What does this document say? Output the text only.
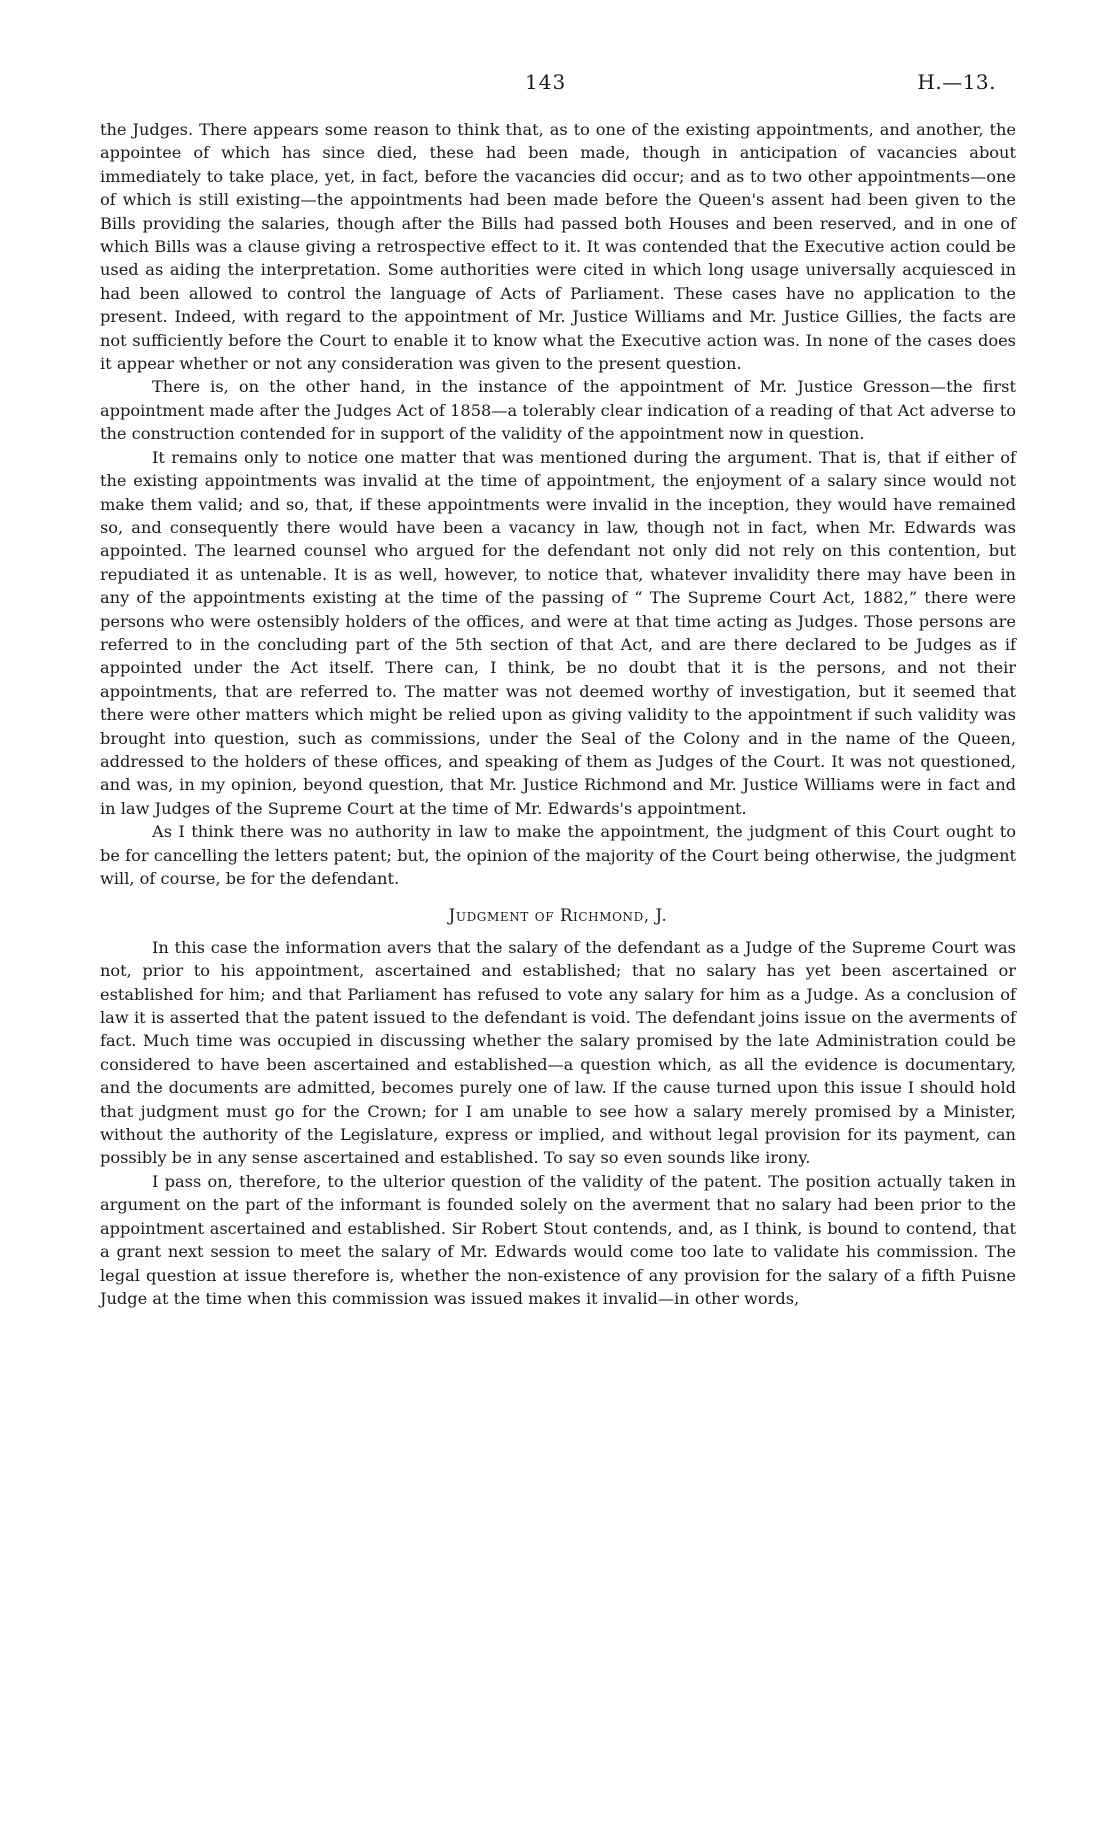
143	H.—13.

the Judges. There appears some reason to think that, as to one of the existing appointments, and another, the appointee of which has since died, these had been made, though in anticipation of vacancies about immediately to take place, yet, in fact, before the vacancies did occur; and as to two other appointments—one of which is still existing—the appointments had been made before the Queen's assent had been given to the Bills providing the salaries, though after the Bills had passed both Houses and been reserved, and in one of which Bills was a clause giving a retrospective effect to it. It was contended that the Executive action could be used as aiding the interpretation. Some authorities were cited in which long usage universally acquiesced in had been allowed to control the language of Acts of Parliament. These cases have no application to the present. Indeed, with regard to the appointment of Mr. Justice Williams and Mr. Justice Gillies, the facts are not sufficiently before the Court to enable it to know what the Executive action was. In none of the cases does it appear whether or not any consideration was given to the present question.

There is, on the other hand, in the instance of the appointment of Mr. Justice Gresson—the first appointment made after the Judges Act of 1858—a tolerably clear indication of a reading of that Act adverse to the construction contended for in support of the validity of the appointment now in question.

It remains only to notice one matter that was mentioned during the argument. That is, that if either of the existing appointments was invalid at the time of appointment, the enjoyment of a salary since would not make them valid; and so, that, if these appointments were invalid in the inception, they would have remained so, and consequently there would have been a vacancy in law, though not in fact, when Mr. Edwards was appointed. The learned counsel who argued for the defendant not only did not rely on this contention, but repudiated it as untenable. It is as well, however, to notice that, whatever invalidity there may have been in any of the appointments existing at the time of the passing of “ The Supreme Court Act, 1882,” there were persons who were ostensibly holders of the offices, and were at that time acting as Judges. Those persons are referred to in the concluding part of the 5th section of that Act, and are there declared to be Judges as if appointed under the Act itself. There can, I think, be no doubt that it is the persons, and not their appointments, that are referred to. The matter was not deemed worthy of investigation, but it seemed that there were other matters which might be relied upon as giving validity to the appointment if such validity was brought into question, such as commissions, under the Seal of the Colony and in the name of the Queen, addressed to the holders of these offices, and speaking of them as Judges of the Court. It was not questioned, and was, in my opinion, beyond question, that Mr. Justice Richmond and Mr. Justice Williams were in fact and in law Judges of the Supreme Court at the time of Mr. Edwards's appointment.

As I think there was no authority in law to make the appointment, the judgment of this Court ought to be for cancelling the letters patent; but, the opinion of the majority of the Court being otherwise, the judgment will, of course, be for the defendant.

Judgment of Richmond, J.

In this case the information avers that the salary of the defendant as a Judge of the Supreme Court was not, prior to his appointment, ascertained and established; that no salary has yet been ascertained or established for him; and that Parliament has refused to vote any salary for him as a Judge. As a conclusion of law it is asserted that the patent issued to the defendant is void. The defendant joins issue on the averments of fact. Much time was occupied in discussing whether the salary promised by the late Administration could be considered to have been ascertained and established—a question which, as all the evidence is documentary, and the documents are admitted, becomes purely one of law. If the cause turned upon this issue I should hold that judgment must go for the Crown; for I am unable to see how a salary merely promised by a Minister, without the authority of the Legislature, express or implied, and without legal provision for its payment, can possibly be in any sense ascertained and established. To say so even sounds like irony.

I pass on, therefore, to the ulterior question of the validity of the patent. The position actually taken in argument on the part of the informant is founded solely on the averment that no salary had been prior to the appointment ascertained and established. Sir Robert Stout contends, and, as I think, is bound to contend, that a grant next session to meet the salary of Mr. Edwards would come too late to validate his commission. The legal question at issue therefore is, whether the non-existence of any provision for the salary of a fifth Puisne Judge at the time when this commission was issued makes it invalid—in other words,
